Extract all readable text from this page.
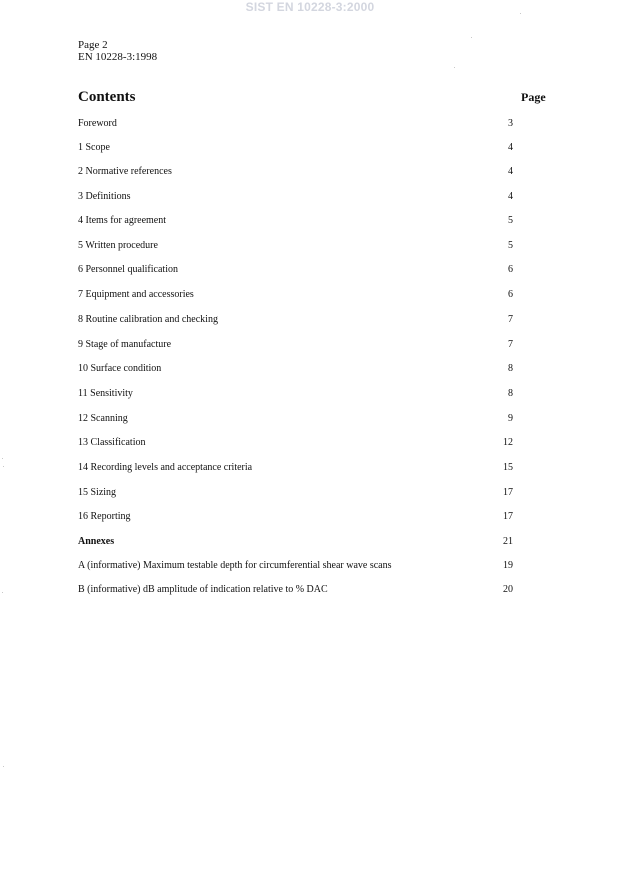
SIST EN 10228-3:2000
Page 2
EN 10228-3:1998
Contents	Page
Foreword	3
1 Scope	4
2 Normative references	4
3 Definitions	4
4 Items for agreement	5
5 Written procedure	5
6 Personnel qualification	6
7 Equipment and accessories	6
8 Routine calibration and checking	7
9 Stage of manufacture	7
10 Surface condition	8
11 Sensitivity	8
12 Scanning	9
13 Classification	12
14 Recording levels and acceptance criteria	15
15 Sizing	17
16 Reporting	17
Annexes	21
A (informative) Maximum testable depth for circumferential shear wave scans	19
B (informative) dB amplitude of indication relative to % DAC	20
